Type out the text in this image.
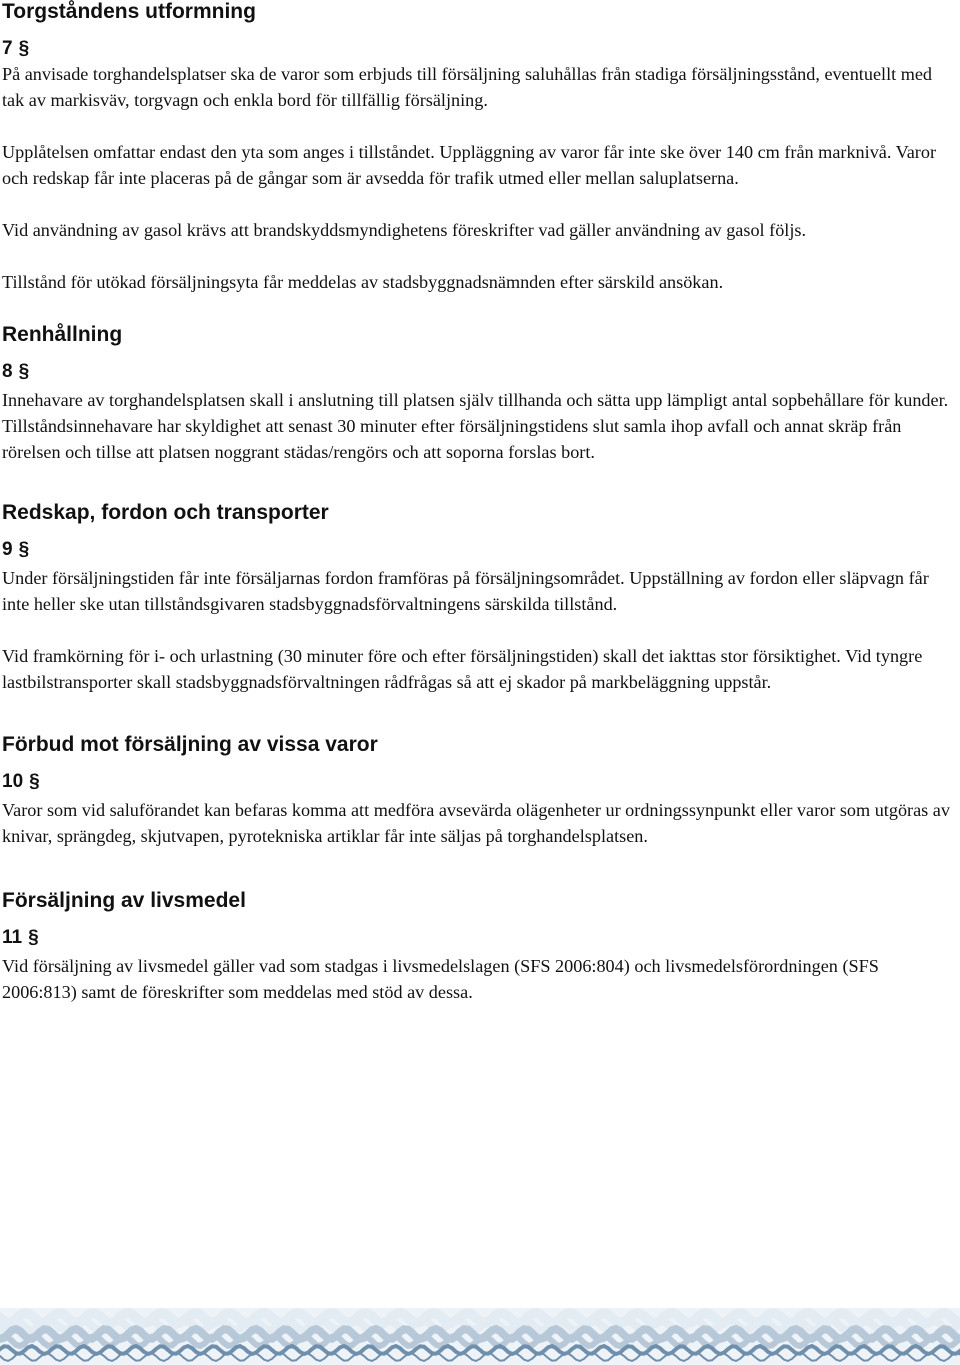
Torgståndens utformning
7 §

På anvisade torghandelsplatser ska de varor som erbjuds till försäljning saluhållas från stadiga försäljningsstånd, eventuellt med tak av markisväv, torgvagn och enkla bord för tillfällig försäljning.

Upplåtelsen omfattar endast den yta som anges i tillståndet. Uppläggning av varor får inte ske över 140 cm från marknivå. Varor och redskap får inte placeras på de gångar som är avsedda för trafik utmed eller mellan saluplatserna.

Vid användning av gasol krävs att brandskyddsmyndighetens föreskrifter vad gäller användning av gasol följs.

Tillstånd för utökad försäljningsyta får meddelas av stadsbyggnadsnämnden efter särskild ansökan.

Renhållning
8 §

Innehavare av torghandelsplatsen skall i anslutning till platsen själv tillhanda och sätta upp lämpligt antal sopbehållare för kunder. Tillståndsinnehavare har skyldighet att senast 30 minuter efter försäljningstidens slut samla ihop avfall och annat skräp från rörelsen och tillse att platsen noggrant städas/rengörs och att soporna forslas bort.

Redskap, fordon och transporter
9 §

Under försäljningstiden får inte försäljarnas fordon framföras på försäljningsområdet. Uppställning av fordon eller släpvagn får inte heller ske utan tillståndsgivaren stadsbyggnadsförvaltningens särskilda tillstånd.

Vid framkörning för i- och urlastning (30 minuter före och efter försäljningstiden) skall det iakttas stor försiktighet. Vid tyngre lastbilstransporter skall stadsbyggnadsförvaltningen rådfrågas så att ej skador på markbeläggning uppstår.

Förbud mot försäljning av vissa varor
10 §

Varor som vid saluförandet kan befaras komma att medföra avsevärda olägenheter ur ordningssynpunkt eller varor som utgöras av knivar, sprängdeg, skjutvapen, pyrotekniska artiklar får inte säljas på torghandelsplatsen.

Försäljning av livsmedel
11 §

Vid försäljning av livsmedel gäller vad som stadgas i livsmedelslagen (SFS 2006:804) och livsmedelsförordningen (SFS 2006:813) samt de föreskrifter som meddelas med stöd av dessa.
